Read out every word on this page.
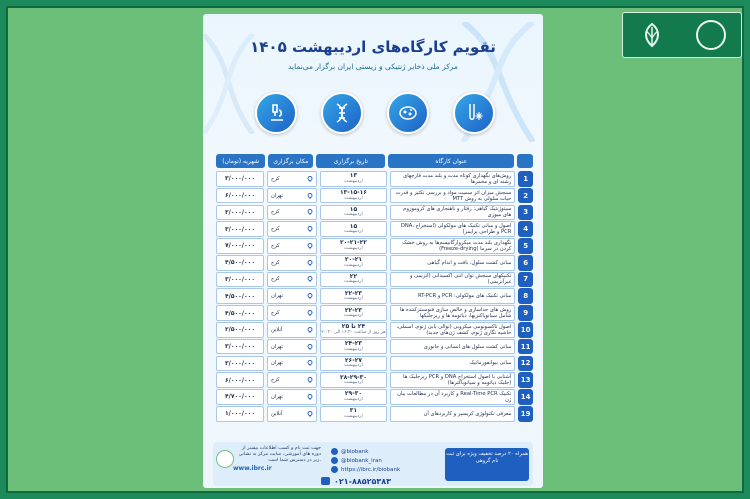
تقویم کارگاه‌های اردیبهشت ۱۴۰۵
مرکز ملی ذخایر ژنتیکی و زیستی ایران برگزار می‌نماید
عنوان کارگاه
تاریخ برگزاری
مکان برگزاری
شهریه (تومان)
1
روش‌های نگهداری کوتاه مدت و بلند مدت قارچهای رشته ای و مخمرها
۱۳
اردیبهشت
کرج
۳/۰۰۰/۰۰۰
2
سنجش میزان اثر سمیت مواد و بررسی تکثیر و قدرت حیات سلولی به روش MTT
۱۳-۱۵-۱۶
اردیبهشت
تهران
۶/۰۰۰/۰۰۰
3
سیتوژنتیک گیاهی: رفتار و ناهنجاری های کروموزوم های میوزی
۱۵
اردیبهشت
کرج
۳/۰۰۰/۰۰۰
4
اصول و مبانی تکنیک های مولکولی (استخراج DNA، PCR و طراحی پرایمر)
۱۵
اردیبهشت
کرج
۳/۰۰۰/۰۰۰
5
نگهداری بلند مدت میکروارگانیسم‌ها به روش خشک کردن در سرما (Freeze-drying)
۲۰-۲۱-۲۲
اردیبهشت
کرج
۷/۰۰۰/۰۰۰
6
مبانی کشت سلول، بافت و اندام گیاهی
۲۰-۲۱
اردیبهشت
کرج
۴/۵۰۰/۰۰۰
7
تکنیکهای سنجش توان آنتی اکسیدانی (آنزیمی و غیرآنزیمی)
۲۲
اردیبهشت
کرج
۳/۰۰۰/۰۰۰
8
مبانی تکنیک های مولکولی: PCR و RT-PCR
۲۲-۲۳
اردیبهشت
تهران
۴/۵۰۰/۰۰۰
9
روش های جداسازی و خالص سازی فتوسنتزکننده ها شامل سیانوباکتریها، دیاتومه ها و ریزجلبکها
۲۲-۲۳
اردیبهشت
کرج
۴/۵۰۰/۰۰۰
10
اصول تاکسونومی میکروبی (توالی یابی ژنوم، اسملی، حاشیه نگاری ژنوم، کشف ژن‌های جدید)
۲۴ تا ۲۵
هر روز از ساعت ۱۶:۳۰ الی ۲۰:۳۰
آنلاین
۲/۵۰۰/۰۰۰
11
مبانی کشت سلول های انسانی و جانوری
۲۴-۲۳
اردیبهشت
تهران
۳/۰۰۰/۰۰۰
12
مبانی بیوانفورماتیک
۲۶-۲۷
اردیبهشت
تهران
۳/۰۰۰/۰۰۰
13
آشنایی با اصول استخراج DNA و PCR ریزجلبک ها (جلبک دیاتومه و سیانوباکترها)
۲۸-۲۹-۳۰
اردیبهشت
کرج
۶/۰۰۰/۰۰۰
14
تکنیک Real-Time PCR و کاربرد آن در مطالعات بیان ژن
۲۹-۳۰
اردیبهشت
تهران
۴/۷۰۰/۰۰۰
19
معرفی تکنولوژی کریسپر و کاربردهای آن
۳۱
اردیبهشت
آنلاین
۱/۰۰۰/۰۰۰
همراه ۲۰ درصد تخفیف ویژه برای ثبت نام گروهی
@biobank
@biobank_iran
https://ibrc.ir/biobank
جهت ثبت نام و کسب اطلاعات بیشتر از دوره های آموزشی، سایت مرکز به نشانی زیر در دسترس شما است.
www.ibrc.ir
۰۲۱-۸۸۵۲۵۳۸۳
